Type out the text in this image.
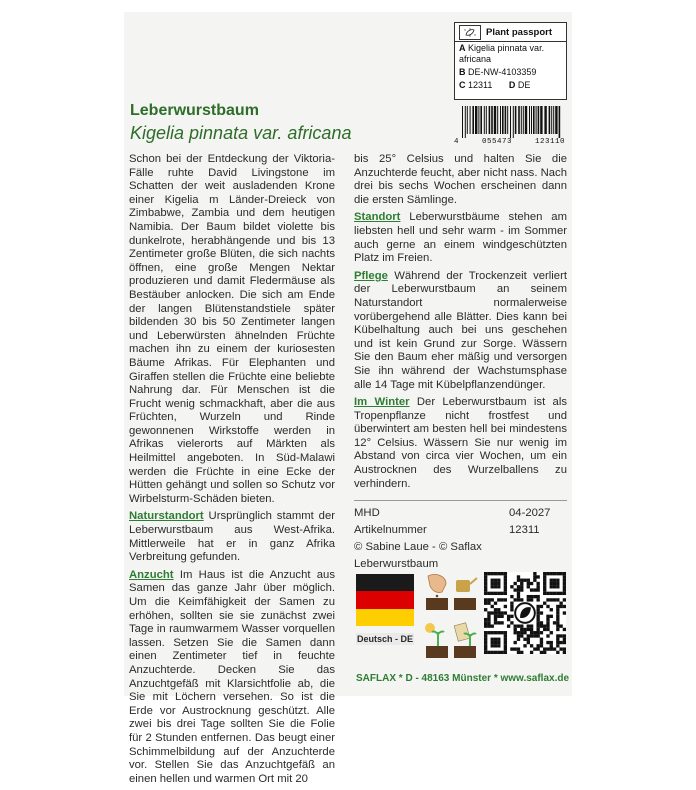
Plant passport
A Kigelia pinnata var. africana
B DE-NW-4103359
C 12311 D DE
4	055473	123110
Leberwurstbaum
Kigelia pinnata var. africana

Schon bei der Entdeckung der Viktoria-Fälle ruhte David Livingstone im Schatten der weit ausladenden Krone einer Kigelia m Länder-Dreieck von Zimbabwe, Zambia und dem heutigen Namibia. Der Baum bildet violette bis dunkelrote, herabhängende und bis 13 Zentimeter große Blüten, die sich nachts öffnen, eine große Mengen Nektar produzieren und damit Fledermäuse als Bestäuber anlocken. Die sich am Ende der langen Blütenstandstiele später bildenden 30 bis 50 Zentimeter langen und Leberwürsten ähnelnden Früchte machen ihn zu einem der kuriosesten Bäume Afrikas. Für Elephanten und Giraffen stellen die Früchte eine beliebte Nahrung dar. Für Menschen ist die Frucht wenig schmackhaft, aber die aus Früchten, Wurzeln und Rinde gewonnenen Wirkstoffe werden in Afrikas vielerorts auf Märkten als Heilmittel angeboten. In Süd-Malawi werden die Früchte in eine Ecke der Hütten gehängt und sollen so Schutz vor Wirbelsturm-Schäden bieten.

Naturstandort Ursprünglich stammt der Leberwurstbaum aus West-Afrika. Mittlerweile hat er in ganz Afrika Verbreitung gefunden.

Anzucht Im Haus ist die Anzucht aus Samen das ganze Jahr über möglich. Um die Keimfähigkeit der Samen zu erhöhen, sollten sie sie zunächst zwei Tage in raumwarmem Wasser vorquellen lassen. Setzen Sie die Samen dann einen Zentimeter tief in feuchte Anzuchterde. Decken Sie das Anzuchtgefäß mit Klarsichtfolie ab, die Sie mit Löchern versehen. So ist die Erde vor Austrocknung geschützt. Alle zwei bis drei Tage sollten Sie die Folie für 2 Stunden entfernen. Das beugt einer Schimmelbildung auf der Anzuchterde vor. Stellen Sie das Anzuchtgefäß an einen hellen und warmen Ort mit 20

bis 25° Celsius und halten Sie die Anzuchterde feucht, aber nicht nass. Nach drei bis sechs Wochen erscheinen dann die ersten Sämlinge.

Standort Leberwurstbäume stehen am liebsten hell und sehr warm - im Sommer auch gerne an einem windgeschützten Platz im Freien.

Pflege Während der Trockenzeit verliert der Leberwurstbaum an seinem Naturstandort normalerweise vorübergehend alle Blätter. Dies kann bei Kübelhaltung auch bei uns geschehen und ist kein Grund zur Sorge. Wässern Sie den Baum eher mäßig und versorgen Sie ihn während der Wachstumsphase alle 14 Tage mit Kübelpflanzendünger.

Im Winter Der Leberwurstbaum ist als Tropenpflanze nicht frostfest und überwintert am besten hell bei mindestens 12° Celsius. Wässern Sie nur wenig im Abstand von circa vier Wochen, um ein Austrocknen des Wurzelballens zu verhindern.

MHD	04-2027
Artikelnummer	12311
© Sabine Laue - © Saflax
Leberwurstbaum
Deutsch - DE
SAFLAX * D - 48163 Münster * www.saflax.de
